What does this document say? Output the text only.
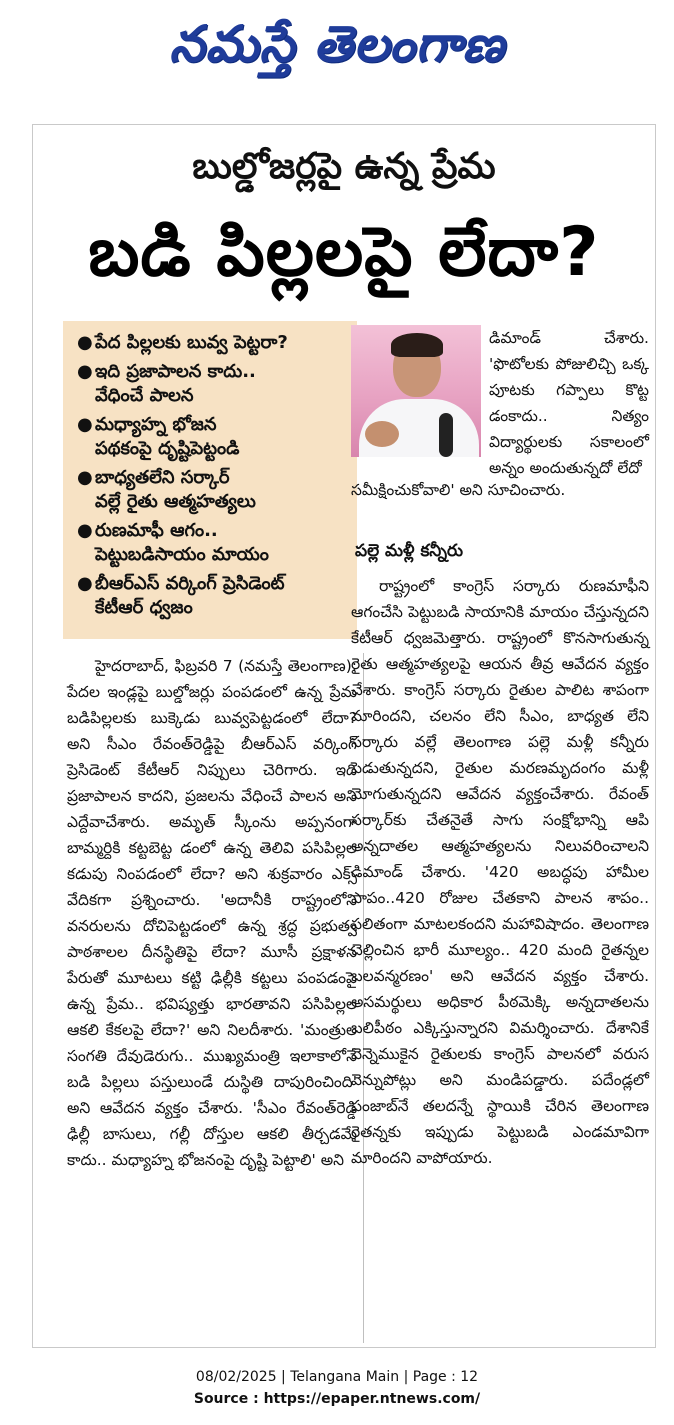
నమస్తే తెలంగాణ
బుల్డోజర్లపై ఉన్న ప్రేమ
బడి పిల్లలపై లేదా?
● పేద పిల్లలకు బువ్వ పెట్టరా?
● ఇది ప్రజాపాలన కాదు..
వేధించే పాలన
● మధ్యాహ్న భోజన
పథకంపై దృష్టిపెట్టండి
● బాధ్యతలేని సర్కార్
వల్లే రైతు ఆత్మహత్యలు
● రుణమాఫీ ఆగం..
పెట్టుబడిసాయం మాయం
● బీఆర్ఎస్ వర్కింగ్ ప్రెసిడెంట్
కేటీఆర్ ధ్వజం
డిమాండ్ చేశారు. 'ఫొటోలకు పోజులిచ్చి ఒక్క పూటకు గప్పాలు కొట్ట డంకాదు.. నిత్యం విద్యార్థులకు సకాలంలో అన్నం అందుతున్నదో లేదో
సమీక్షించుకోవాలి' అని సూచించారు.
పల్లె మళ్లీ కన్నీరు

హైదరాబాద్, ఫిబ్రవరి 7 (నమస్తే తెలంగాణ): పేదల ఇండ్లపై బుల్డోజర్లు పంపడంలో ఉన్న ప్రేమ బడిపిల్లలకు బుక్కెడు బువ్వపెట్టడంలో లేదా? అని సీఎం రేవంత్‌రెడ్డిపై బీఆర్ఎస్ వర్కింగ్ ప్రెసిడెంట్ కేటీఆర్ నిప్పులు చెరిగారు. ఇది ప్రజాపాలన కాదని, ప్రజలను వేధించే పాలన అని ఎద్దేవాచేశారు. అమృత్ స్కీంను అప్పనంగా బామ్మర్దికి కట్టబెట్ట డంలో ఉన్న తెలివి పసిపిల్లల కడుపు నింపడంలో లేదా? అని శుక్రవారం ఎక్స్ వేదికగా ప్రశ్నించారు. 'అదానీకి రాష్ట్రంలోని వనరులను దోచిపెట్టడంలో ఉన్న శ్రద్ధ ప్రభుత్వ పాఠశాలల దీనస్థితిపై లేదా? మూసీ ప్రక్షాళన పేరుతో మూటలు కట్టి ఢిల్లీకి కట్టలు పంపడంపై ఉన్న ప్రేమ.. భవిష్యత్తు భారతావని పసిపిల్లల ఆకలి కేకలపై లేదా?' అని నిలదీశారు. 'మంత్రుల సంగతి దేవుడెరుగు.. ముఖ్యమంత్రి ఇలాకాలోనే బడి పిల్లలు పస్తులుండే దుస్థితి దాపురించింది' అని ఆవేదన వ్యక్తం చేశారు. 'సీఎం రేవంత్‌రెడ్డి ఢిల్లీ బాసులు, గల్లీ దోస్తుల ఆకలి తీర్చడమే కాదు.. మధ్యాహ్న భోజనంపై దృష్టి పెట్టాలి' అని

రాష్ట్రంలో కాంగ్రెస్ సర్కారు రుణమాఫీని ఆగంచేసి పెట్టుబడి సాయానికి మాయం చేస్తున్నదని కేటీఆర్ ధ్వజమెత్తారు. రాష్ట్రంలో కొనసాగుతున్న రైతు ఆత్మహత్యలపై ఆయన తీవ్ర ఆవేదన వ్యక్తం చేశారు. కాంగ్రెస్ సర్కారు రైతుల పాలిట శాపంగా మారిందని, చలనం లేని సీఎం, బాధ్యత లేని సర్కారు వల్లే తెలంగాణ పల్లె మళ్లీ కన్నీరు పెడుతున్నదని, రైతుల మరణమృదంగం మళ్లీ మోగుతున్నదని ఆవేదన వ్యక్తంచేశారు. రేవంత్ సర్కార్‌కు చేతనైతే సాగు సంక్షోభాన్ని ఆపి అన్నదాతల ఆత్మహత్యలను నిలువరించాలని డిమాండ్ చేశారు. '420 అబద్ధపు హామీల పాపం..420 రోజుల చేతకాని పాలన శాపం.. ఫలితంగా మాటలకందని మహావిషాదం. తెలంగాణ చెల్లించిన భారీ మూల్యం.. 420 మంది రైతన్నల బలవన్మరణం' అని ఆవేదన వ్యక్తం చేశారు. అసమర్థులు అధికార పీఠమెక్కి అన్నదాతలను బలిపీఠం ఎక్కిస్తున్నారని విమర్శించారు. దేశానికే వెన్నెముకైన రైతులకు కాంగ్రెస్ పాలనలో వరుస వెన్నుపోట్లు అని మండిపడ్డారు. పదేండ్లలో పంజాబ్‌నే తలదన్నే స్థాయికి చేరిన తెలంగాణ రైతన్నకు ఇప్పుడు పెట్టుబడి ఎండమావిగా మారిందని వాపోయారు.

08/02/2025 | Telangana Main | Page : 12
Source : https://epaper.ntnews.com/
